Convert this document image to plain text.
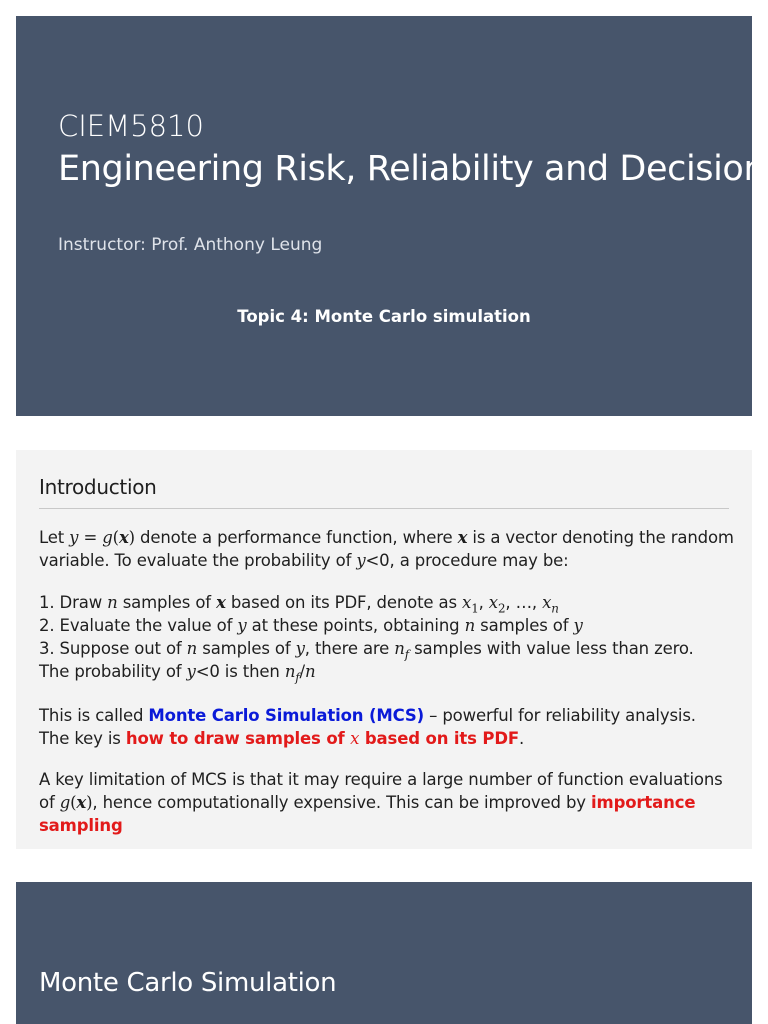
CIEM5810
Engineering Risk, Reliability and Decision
Instructor: Prof. Anthony Leung
Topic 4: Monte Carlo simulation
Introduction
Let y = g(x) denote a performance function, where x is a vector denoting the random variable. To evaluate the probability of y<0, a procedure may be:
1. Draw n samples of x based on its PDF, denote as $x_1$, $x_2$, …, $x_n$
2. Evaluate the value of y at these points, obtaining n samples of y
3. Suppose out of n samples of y, there are $n_f$ samples with value less than zero.
The probability of y<0 is then $n_f/n$
This is called Monte Carlo Simulation (MCS) – powerful for reliability analysis.
The key is how to draw samples of x based on its PDF.
A key limitation of MCS is that it may require a large number of function evaluations of g(x), hence computationally expensive. This can be improved by importance sampling
Monte Carlo Simulation
